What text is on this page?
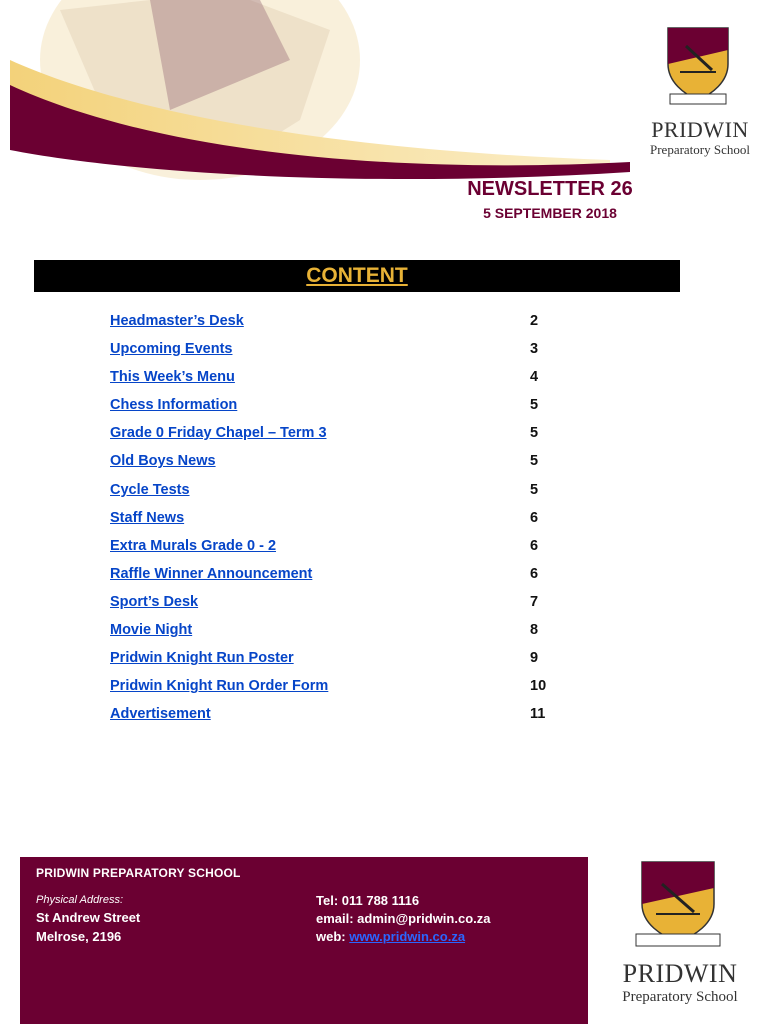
PRIDWIN
Preparatory School
NEWSLETTER 26
5 SEPTEMBER 2018
CONTENT
Headmaster’s Desk	2
Upcoming Events	3
This Week’s Menu	4
Chess Information	5
Grade 0 Friday Chapel – Term 3	5
Old Boys News	5
Cycle Tests	5
Staff News	6
Extra Murals Grade 0 - 2	6
Raffle Winner Announcement	6
Sport’s Desk	7
Movie Night	8
Pridwin Knight Run Poster	9
Pridwin Knight Run Order Form	10
Advertisement	11
PRIDWIN PREPARATORY SCHOOL
Physical Address:
St Andrew Street
Melrose, 2196
Tel: 011 788 1116
email: admin@pridwin.co.za
web: www.pridwin.co.za
PRIDWIN
Preparatory School
